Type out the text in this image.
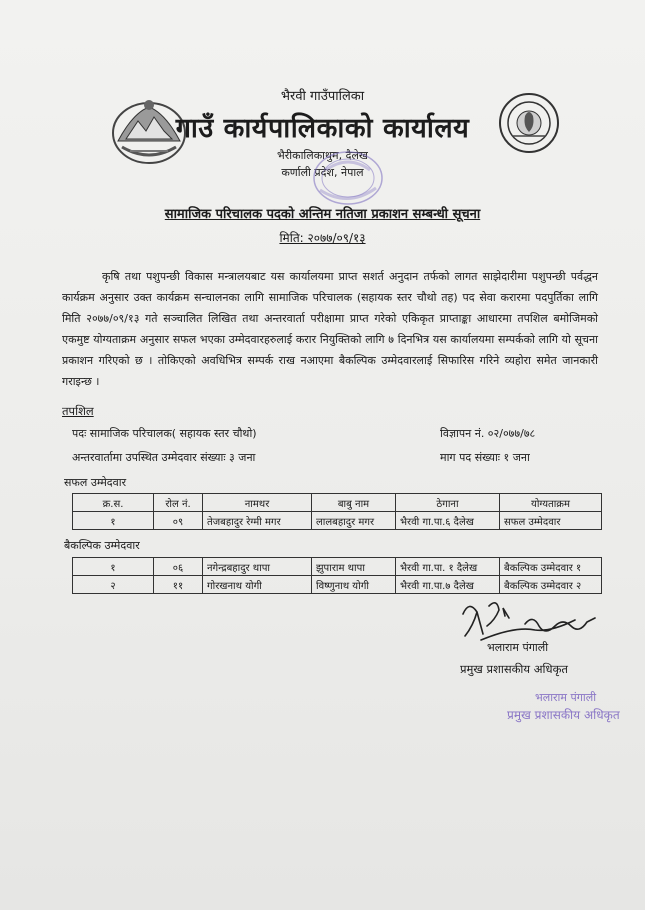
भैरवी गाउँपालिका
गाउँ कार्यपालिकाको कार्यालय
भैरीकालिकाथुम, दैलेख
कर्णाली प्रदेश, नेपाल
सामाजिक परिचालक पदको अन्तिम नतिजा प्रकाशन सम्बन्धी सूचना
मिति: २०७७/०९/१३
कृषि तथा पशुपन्छी विकास मन्त्रालयबाट यस कार्यालयमा प्राप्त सशर्त अनुदान तर्फको लागत साझेदारीमा पशुपन्छी पर्वद्धन कार्यक्रम अनुसार उक्त कार्यक्रम सन्चालनका लागि सामाजिक परिचालक (सहायक स्तर चौथो तह) पद सेवा करारमा पदपुर्तिका लागि मिति २०७७/०९/१३ गते सञ्चालित लिखित तथा अन्तरवार्ता परीक्षामा प्राप्त गरेको एकिकृत प्राप्ताङ्का आधारमा तपशिल बमोजिमको एकमुष्ट योग्यताक्रम अनुसार सफल भएका उम्मेदवारहरुलाई करार नियुक्तिको लागि ७ दिनभित्र यस कार्यालयमा सम्पर्कको लागि यो सूचना प्रकाशन गरिएको छ । तोकिएको अवधिभित्र सम्पर्क राख नआएमा बैकल्पिक उम्मेदवारलाई सिफारिस गरिने व्यहोरा समेत जानकारी गराइन्छ ।
तपशिल
पदः सामाजिक परिचालक( सहायक स्तर चौथो)	विज्ञापन नं. ०२/०७७/७८
अन्तरवार्तामा उपस्थित उम्मेदवार संख्याः ३ जना	माग पद संख्याः १ जना
सफल उम्मेदवार
क्र.स.	रोल नं.	नामथर	बाबु नाम	ठेगाना	योग्यताक्रम
१	०९	तेजबहादुर रेग्मी मगर	लालबहादुर मगर	भैरवी गा.पा.६ दैलेख	सफल उम्मेदवार
बैकल्पिक उम्मेदवार
१	०६	नगेन्द्रबहादुर थापा	झुपाराम थापा	भैरवी गा.पा. १ दैलेख	बैकल्पिक उम्मेदवार १
२	११	गोरखनाथ योगी	विष्णुनाथ योगी	भैरवी गा.पा.७ दैलेख	बैकल्पिक उम्मेदवार २
भलाराम पंगाली
प्रमुख प्रशासकीय अधिकृत
भलाराम पंगाली
प्रमुख प्रशासकीय अधिकृत
